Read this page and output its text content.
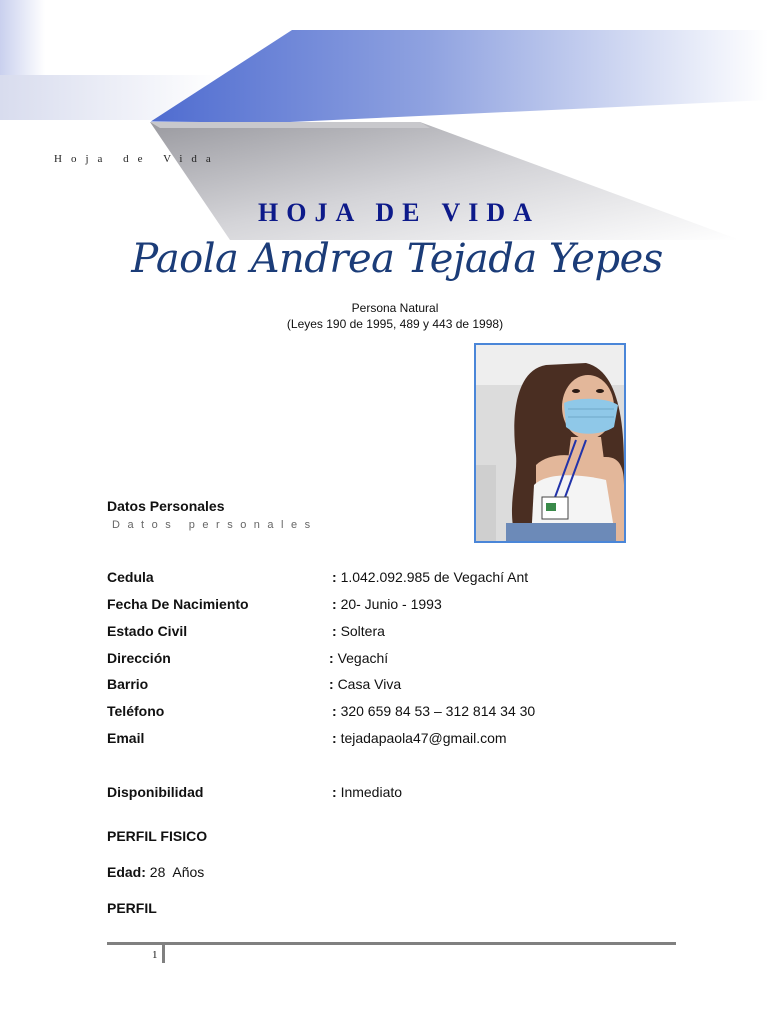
Hoja de Vida
HOJA DE VIDA
Paola Andrea Tejada Yepes
Persona Natural
(Leyes 190 de 1995, 489 y 443 de 1998)
Datos Personales
Datos personales
Cedula	: 1.042.092.985 de Vegachí Ant
Fecha De Nacimiento	: 20- Junio - 1993
Estado Civil	: Soltera
Dirección	: Vegachí
Barrio	: Casa Viva
Teléfono	: 320 659 84 53 – 312 814 34 30
Email	: tejadapaola47@gmail.com
Disponibilidad	: Inmediato
PERFIL FISICO
Edad: 28  Años
PERFIL
1
